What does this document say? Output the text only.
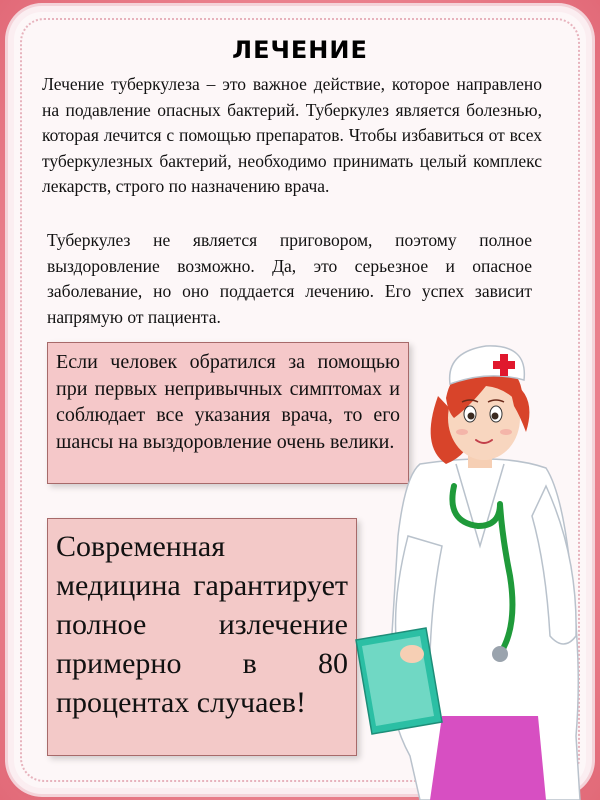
ЛЕЧЕНИЕ
Лечение туберкулеза – это важное действие, которое направлено на подавление опасных бактерий. Туберкулез является болезнью, которая лечится с помощью препаратов. Чтобы избавиться от всех туберкулезных бактерий, необходимо принимать целый комплекс лекарств, строго по назначению врача.
Туберкулез не является приговором, поэтому полное выздоровление возможно. Да, это серьезное и опасное заболевание, но оно поддается лечению. Его успех зависит напрямую от пациента.
Если человек обратился за помощью при первых непривычных симптомах и соблюдает все указания врача, то его шансы на выздоровление очень велики.
Современная медицина гарантирует полное излечение примерно в 80 процентах случаев!
